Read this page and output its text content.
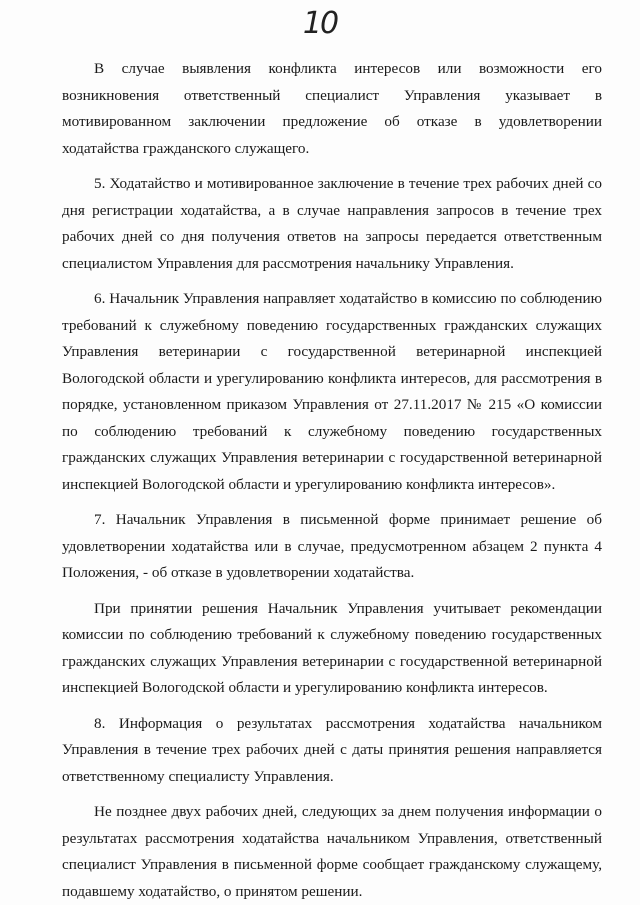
10

В случае выявления конфликта интересов или возможности его возникновения ответственный специалист Управления указывает в мотивированном заключении предложение об отказе в удовлетворении ходатайства гражданского служащего.

5. Ходатайство и мотивированное заключение в течение трех рабочих дней со дня регистрации ходатайства, а в случае направления запросов в течение трех рабочих дней со дня получения ответов на запросы передается ответственным специалистом Управления для рассмотрения начальнику Управления.

6. Начальник Управления направляет ходатайство в комиссию по соблюдению требований к служебному поведению государственных гражданских служащих Управления ветеринарии с государственной ветеринарной инспекцией Вологодской области и урегулированию конфликта интересов, для рассмотрения в порядке, установленном приказом Управления от 27.11.2017 № 215 «О комиссии по соблюдению требований к служебному поведению государственных гражданских служащих Управления ветеринарии с государственной ветеринарной инспекцией Вологодской области и урегулированию конфликта интересов».

7. Начальник Управления в письменной форме принимает решение об удовлетворении ходатайства или в случае, предусмотренном абзацем 2 пункта 4 Положения, - об отказе в удовлетворении ходатайства.

При принятии решения Начальник Управления учитывает рекомендации комиссии по соблюдению требований к служебному поведению государственных гражданских служащих Управления ветеринарии с государственной ветеринарной инспекцией Вологодской области и урегулированию конфликта интересов.

8. Информация о результатах рассмотрения ходатайства начальником Управления в течение трех рабочих дней с даты принятия решения направляется ответственному специалисту Управления.

Не позднее двух рабочих дней, следующих за днем получения информации о результатах рассмотрения ходатайства начальником Управления, ответственный специалист Управления в письменной форме сообщает гражданскому служащему, подавшему ходатайство, о принятом решении.
